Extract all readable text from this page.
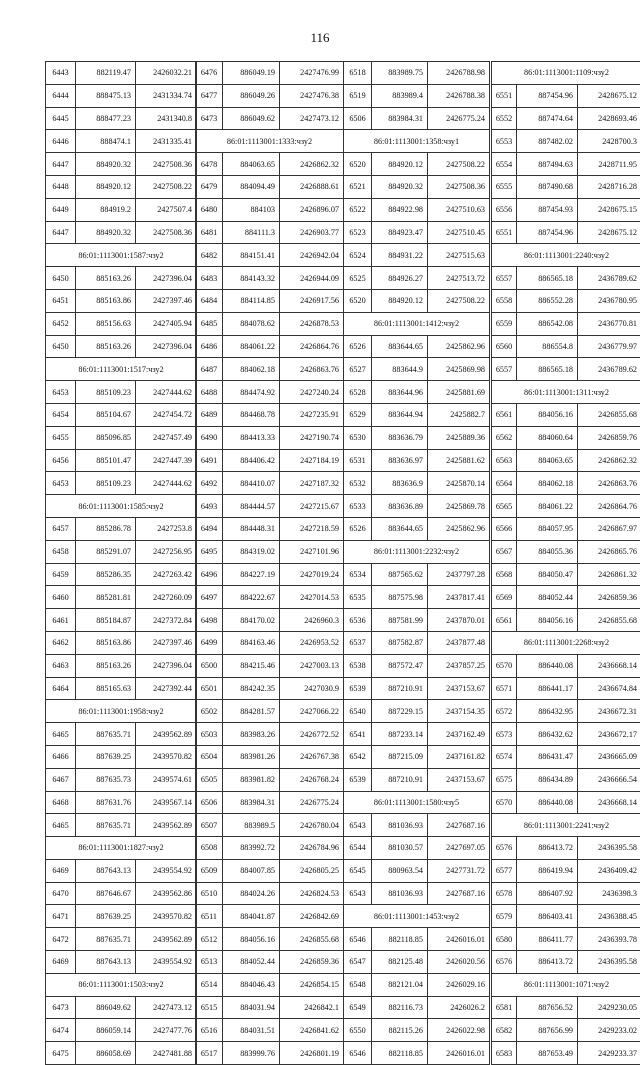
116
6443	882119.47	2426032.21
6444	888475.13	2431334.74
6445	888477.23	2431340.8
6446	888474.1	2431335.41
6447	884920.32	2427508.36
6448	884920.12	2427508.22
6449	884919.2	2427507.4
6447	884920.32	2427508.36
86:01:1113001:1587:чзу2
6450	885163.26	2427396.04
6451	885163.86	2427397.46
6452	885156.63	2427405.94
6450	885163.26	2427396.04
86:01:1113001:1517:чзу2
6453	885109.23	2427444.62
6454	885104.67	2427454.72
6455	885096.85	2427457.49
6456	885101.47	2427447.39
6453	885109.23	2427444.62
86:01:1113001:1585:чзу2
6457	885286.78	2427253.8
6458	885291.07	2427256.95
6459	885286.35	2427263.42
6460	885281.81	2427260.09
6461	885184.87	2427372.84
6462	885163.86	2427397.46
6463	885163.26	2427396.04
6464	885165.63	2427392.44
86:01:1113001:1958:чзу2
6465	887635.71	2439562.89
6466	887639.25	2439570.82
6467	887635.73	2439574.61
6468	887631.76	2439567.14
6465	887635.71	2439562.89
86:01:1113001:1827:чзу2
6469	887643.13	2439554.92
6470	887646.67	2439562.86
6471	887639.25	2439570.82
6472	887635.71	2439562.89
6469	887643.13	2439554.92
86:01:1113001:1503:чзу2
6473	886049.62	2427473.12
6474	886059.14	2427477.76
6475	886058.69	2427481.88
6476	886049.19	2427476.99
6477	886049.26	2427476.38
6473	886049.62	2427473.12
86:01:1113001:1333:чзу2
6478	884063.65	2426862.32
6479	884094.49	2426888.61
6480	884103	2426896.07
6481	884111.3	2426903.77
6482	884151.41	2426942.04
6483	884143.32	2426944.09
6484	884114.85	2426917.56
6485	884078.62	2426878.53
6486	884061.22	2426864.76
6487	884062.18	2426863.76
6488	884474.92	2427240.24
6489	884468.78	2427235.91
6490	884413.33	2427190.74
6491	884406.42	2427184.19
6492	884410.07	2427187.32
6493	884444.57	2427215.67
6494	884448.31	2427218.59
6495	884319.02	2427101.96
6496	884227.19	2427019.24
6497	884222.67	2427014.53
6498	884170.02	2426960.3
6499	884163.46	2426953.52
6500	884215.46	2427003.13
6501	884242.35	2427030.9
6502	884281.57	2427066.22
6503	883983.26	2426772.52
6504	883981.26	2426767.38
6505	883981.82	2426768.24
6506	883984.31	2426775.24
6507	883989.5	2426780.04
6508	883992.72	2426784.96
6509	884007.85	2426805.25
6510	884024.26	2426824.53
6511	884041.87	2426842.69
6512	884056.16	2426855.68
6513	884052.44	2426859.36
6514	884046.43	2426854.15
6515	884031.94	2426842.1
6516	884031.51	2426841.62
6517	883999.76	2426801.19
6518	883989.75	2426788.98
6519	883989.4	2426788.38
6506	883984.31	2426775.24
86:01:1113001:1358:чзу1
6520	884920.12	2427508.22
6521	884920.32	2427508.36
6522	884922.98	2427510.63
6523	884923.47	2427510.45
6524	884931.22	2427515.63
6525	884926.27	2427513.72
6520	884920.12	2427508.22
86:01:1113001:1412:чзу2
6526	883644.65	2425862.96
6527	883644.9	2425869.98
6528	883644.96	2425881.69
6529	883644.94	2425882.7
6530	883636.79	2425889.36
6531	883636.97	2425881.62
6532	883636.9	2425870.14
6533	883636.89	2425869.78
6526	883644.65	2425862.96
86:01:1113001:2232:чзу2
6534	887565.62	2437797.28
6535	887575.98	2437817.41
6536	887581.99	2437870.01
6537	887582.87	2437877.48
6538	887572.47	2437857.25
6539	887210.91	2437153.67
6540	887229.15	2437154.35
6541	887233.14	2437162.49
6542	887215.09	2437161.82
6539	887210.91	2437153.67
86:01:1113001:1580:чзу5
6543	881036.93	2427687.16
6544	881030.57	2427697.05
6545	880963.54	2427731.72
6543	881036.93	2427687.16
86:01:1113001:1453:чзу2
6546	882118.85	2426016.01
6547	882125.48	2426020.56
6548	882121.04	2426029.16
6549	882116.73	2426026.2
6550	882115.26	2426022.98
6546	882118.85	2426016.01
86:01:1113001:1109:чзу2
6551	887454.96	2428675.12
6552	887474.64	2428693.46
6553	887482.02	2428700.3
6554	887494.63	2428711.95
6555	887490.68	2428716.28
6556	887454.93	2428675.15
6551	887454.96	2428675.12
86:01:1113001:2240:чзу2
6557	886565.18	2436789.62
6558	886552.28	2436780.95
6559	886542.08	2436770.81
6560	886554.8	2436779.97
6557	886565.18	2436789.62
86:01:1113001:1311:чзу2
6561	884056.16	2426855.68
6562	884060.64	2426859.76
6563	884063.65	2426862.32
6564	884062.18	2426863.76
6565	884061.22	2426864.76
6566	884057.95	2426867.97
6567	884055.36	2426865.76
6568	884050.47	2426861.32
6569	884052.44	2426859.36
6561	884056.16	2426855.68
86:01:1113001:2268:чзу2
6570	886440.08	2436668.14
6571	886441.17	2436674.84
6572	886432.95	2436672.31
6573	886432.62	2436672.17
6574	886431.47	2436665.09
6575	886434.89	2436666.54
6570	886440.08	2436668.14
86:01:1113001:2241:чзу2
6576	886413.72	2436395.58
6577	886419.94	2436409.42
6578	886407.92	2436398.3
6579	886403.41	2436388.45
6580	886411.77	2436393.78
6576	886413.72	2436395.58
86:01:1113001:1071:чзу2
6581	887656.52	2429230.05
6582	887656.99	2429233.02
6583	887653.49	2429233.37
